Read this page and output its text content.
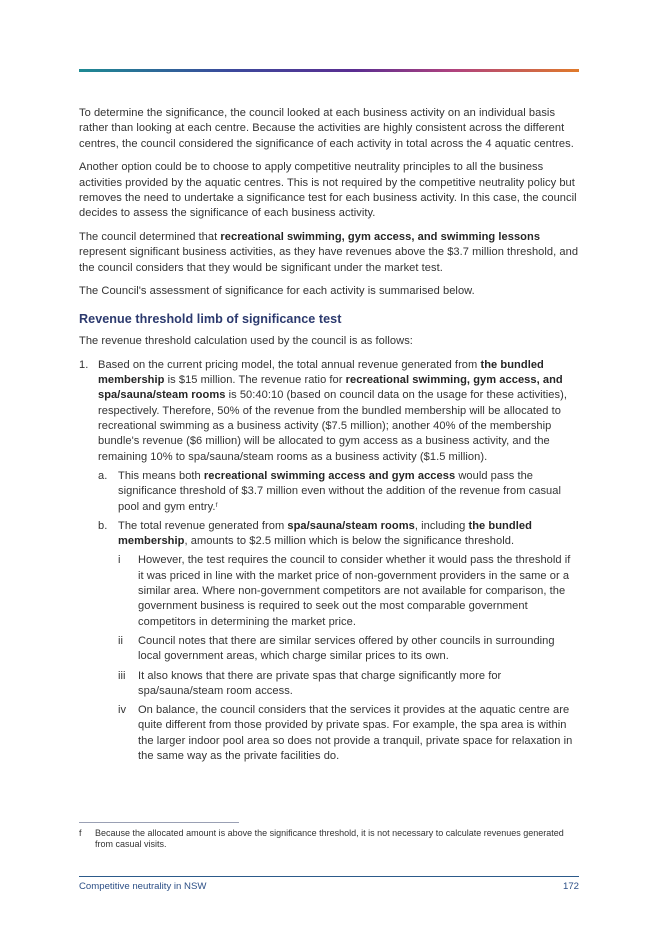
To determine the significance, the council looked at each business activity on an individual basis rather than looking at each centre. Because the activities are highly consistent across the different centres, the council considered the significance of each activity in total across the 4 aquatic centres.

Another option could be to choose to apply competitive neutrality principles to all the business activities provided by the aquatic centres. This is not required by the competitive neutrality policy but removes the need to undertake a significance test for each business activity. In this case, the council decides to assess the significance of each business activity.

The council determined that recreational swimming, gym access, and swimming lessons represent significant business activities, as they have revenues above the $3.7 million threshold, and the council considers that they would be significant under the market test.

The Council's assessment of significance for each activity is summarised below.

Revenue threshold limb of significance test

The revenue threshold calculation used by the council is as follows:

1. Based on the current pricing model, the total annual revenue generated from the bundled membership is $15 million. The revenue ratio for recreational swimming, gym access, and spa/sauna/steam rooms is 50:40:10 (based on council data on the usage for these activities), respectively. Therefore, 50% of the revenue from the bundled membership will be allocated to recreational swimming as a business activity ($7.5 million); another 40% of the membership bundle's revenue ($6 million) will be allocated to gym access as a business activity, and the remaining 10% to spa/sauna/steam rooms as a business activity ($1.5 million).
a. This means both recreational swimming access and gym access would pass the significance threshold of $3.7 million even without the addition of the revenue from casual pool and gym entry.$^f$
b. The total revenue generated from spa/sauna/steam rooms, including the bundled membership, amounts to $2.5 million which is below the significance threshold.
i	However, the test requires the council to consider whether it would pass the threshold if it was priced in line with the market price of non-government providers in the same or a similar area. Where non-government competitors are not available for comparison, the government business is required to seek out the most comparable government competitors in determining the market price.
ii	Council notes that there are similar services offered by other councils in surrounding local government areas, which charge similar prices to its own.
iii	It also knows that there are private spas that charge significantly more for spa/sauna/steam room access.
iv	On balance, the council considers that the services it provides at the aquatic centre are quite different from those provided by private spas. For example, the spa area is within the larger indoor pool area so does not provide a tranquil, private space for relaxation in the same way as the private facilities do.
f	Because the allocated amount is above the significance threshold, it is not necessary to calculate revenues generated from casual visits.
Competitive neutrality in NSW	172
